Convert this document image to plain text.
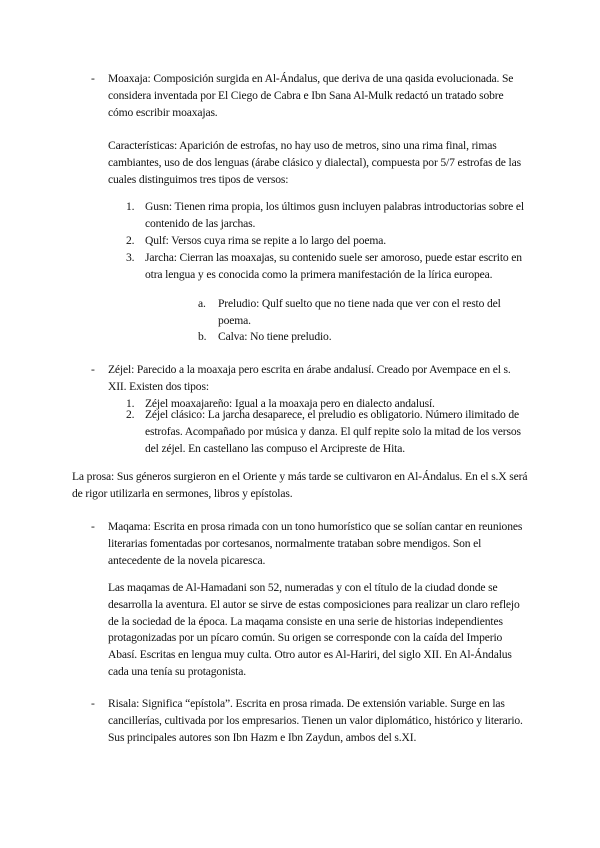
- Moaxaja: Composición surgida en Al-Ándalus, que deriva de una qasida evolucionada. Se considera inventada por El Ciego de Cabra e Ibn Sana Al-Mulk redactó un tratado sobre cómo escribir moaxajas.

Características: Aparición de estrofas, no hay uso de metros, sino una rima final, rimas cambiantes, uso de dos lenguas (árabe clásico y dialectal), compuesta por 5/7 estrofas de las cuales distinguimos tres tipos de versos:

1. Gusn: Tienen rima propia, los últimos gusn incluyen palabras introductorias sobre el contenido de las jarchas.

2. Qulf: Versos cuya rima se repite a lo largo del poema.

3. Jarcha: Cierran las moaxajas, su contenido suele ser amoroso, puede estar escrito en otra lengua y es conocida como la primera manifestación de la lírica europea.

a. Preludio: Qulf suelto que no tiene nada que ver con el resto del poema.

b. Calva: No tiene preludio.

- Zéjel: Parecido a la moaxaja pero escrita en árabe andalusí. Creado por Avempace en el s. XII. Existen dos tipos:

1. Zéjel moaxajareño: Igual a la moaxaja pero en dialecto andalusí.

2. Zéjel clásico: La jarcha desaparece, el preludio es obligatorio. Número ilimitado de estrofas. Acompañado por música y danza. El qulf repite solo la mitad de los versos del zéjel. En castellano las compuso el Arcipreste de Hita.

La prosa: Sus géneros surgieron en el Oriente y más tarde se cultivaron en Al-Ándalus. En el s.X será de rigor utilizarla en sermones, libros y epístolas.

- Maqama: Escrita en prosa rimada con un tono humorístico que se solían cantar en reuniones literarias fomentadas por cortesanos, normalmente trataban sobre mendigos. Son el antecedente de la novela picaresca.

Las maqamas de Al-Hamadani son 52, numeradas y con el título de la ciudad donde se desarrolla la aventura. El autor se sirve de estas composiciones para realizar un claro reflejo de la sociedad de la época. La maqama consiste en una serie de historias independientes protagonizadas por un pícaro común. Su origen se corresponde con la caída del Imperio Abasí. Escritas en lengua muy culta. Otro autor es Al-Hariri, del siglo XII. En Al-Ándalus cada una tenía su protagonista.

- Risala: Significa “epístola”. Escrita en prosa rimada. De extensión variable. Surge en las cancillerías, cultivada por los empresarios. Tienen un valor diplomático, histórico y literario. Sus principales autores son Ibn Hazm e Ibn Zaydun, ambos del s.XI.
